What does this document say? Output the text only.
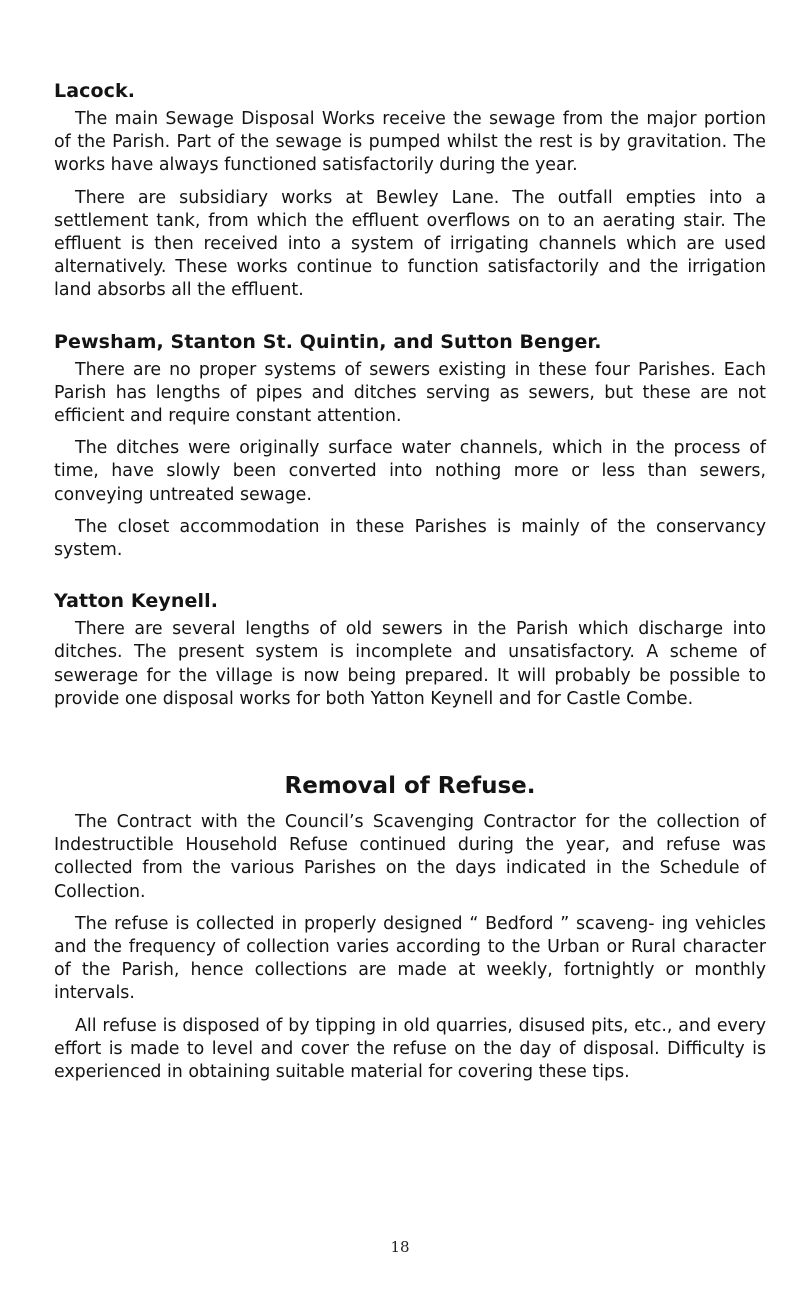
Lacock.

The main Sewage Disposal Works receive the sewage from the major portion of the Parish. Part of the sewage is pumped whilst the rest is by gravitation. The works have always functioned satisfactorily during the year.

There are subsidiary works at Bewley Lane. The outfall empties into a settlement tank, from which the effluent overflows on to an aerating stair. The effluent is then received into a system of irrigating channels which are used alternatively. These works continue to function satisfactorily and the irrigation land absorbs all the effluent.

Pewsham, Stanton St. Quintin, and Sutton Benger.

There are no proper systems of sewers existing in these four Parishes. Each Parish has lengths of pipes and ditches serving as sewers, but these are not efficient and require constant attention.

The ditches were originally surface water channels, which in the process of time, have slowly been converted into nothing more or less than sewers, conveying untreated sewage.

The closet accommodation in these Parishes is mainly of the conservancy system.

Yatton Keynell.

There are several lengths of old sewers in the Parish which discharge into ditches. The present system is incomplete and unsatisfactory. A scheme of sewerage for the village is now being prepared. It will probably be possible to provide one disposal works for both Yatton Keynell and for Castle Combe.

Removal of Refuse.

The Contract with the Council’s Scavenging Contractor for the collection of Indestructible Household Refuse continued during the year, and refuse was collected from the various Parishes on the days indicated in the Schedule of Collection.

The refuse is collected in properly designed “ Bedford ” scaveng- ing vehicles and the frequency of collection varies according to the Urban or Rural character of the Parish, hence collections are made at weekly, fortnightly or monthly intervals.

All refuse is disposed of by tipping in old quarries, disused pits, etc., and every effort is made to level and cover the refuse on the day of disposal. Difficulty is experienced in obtaining suitable material for covering these tips.

18
